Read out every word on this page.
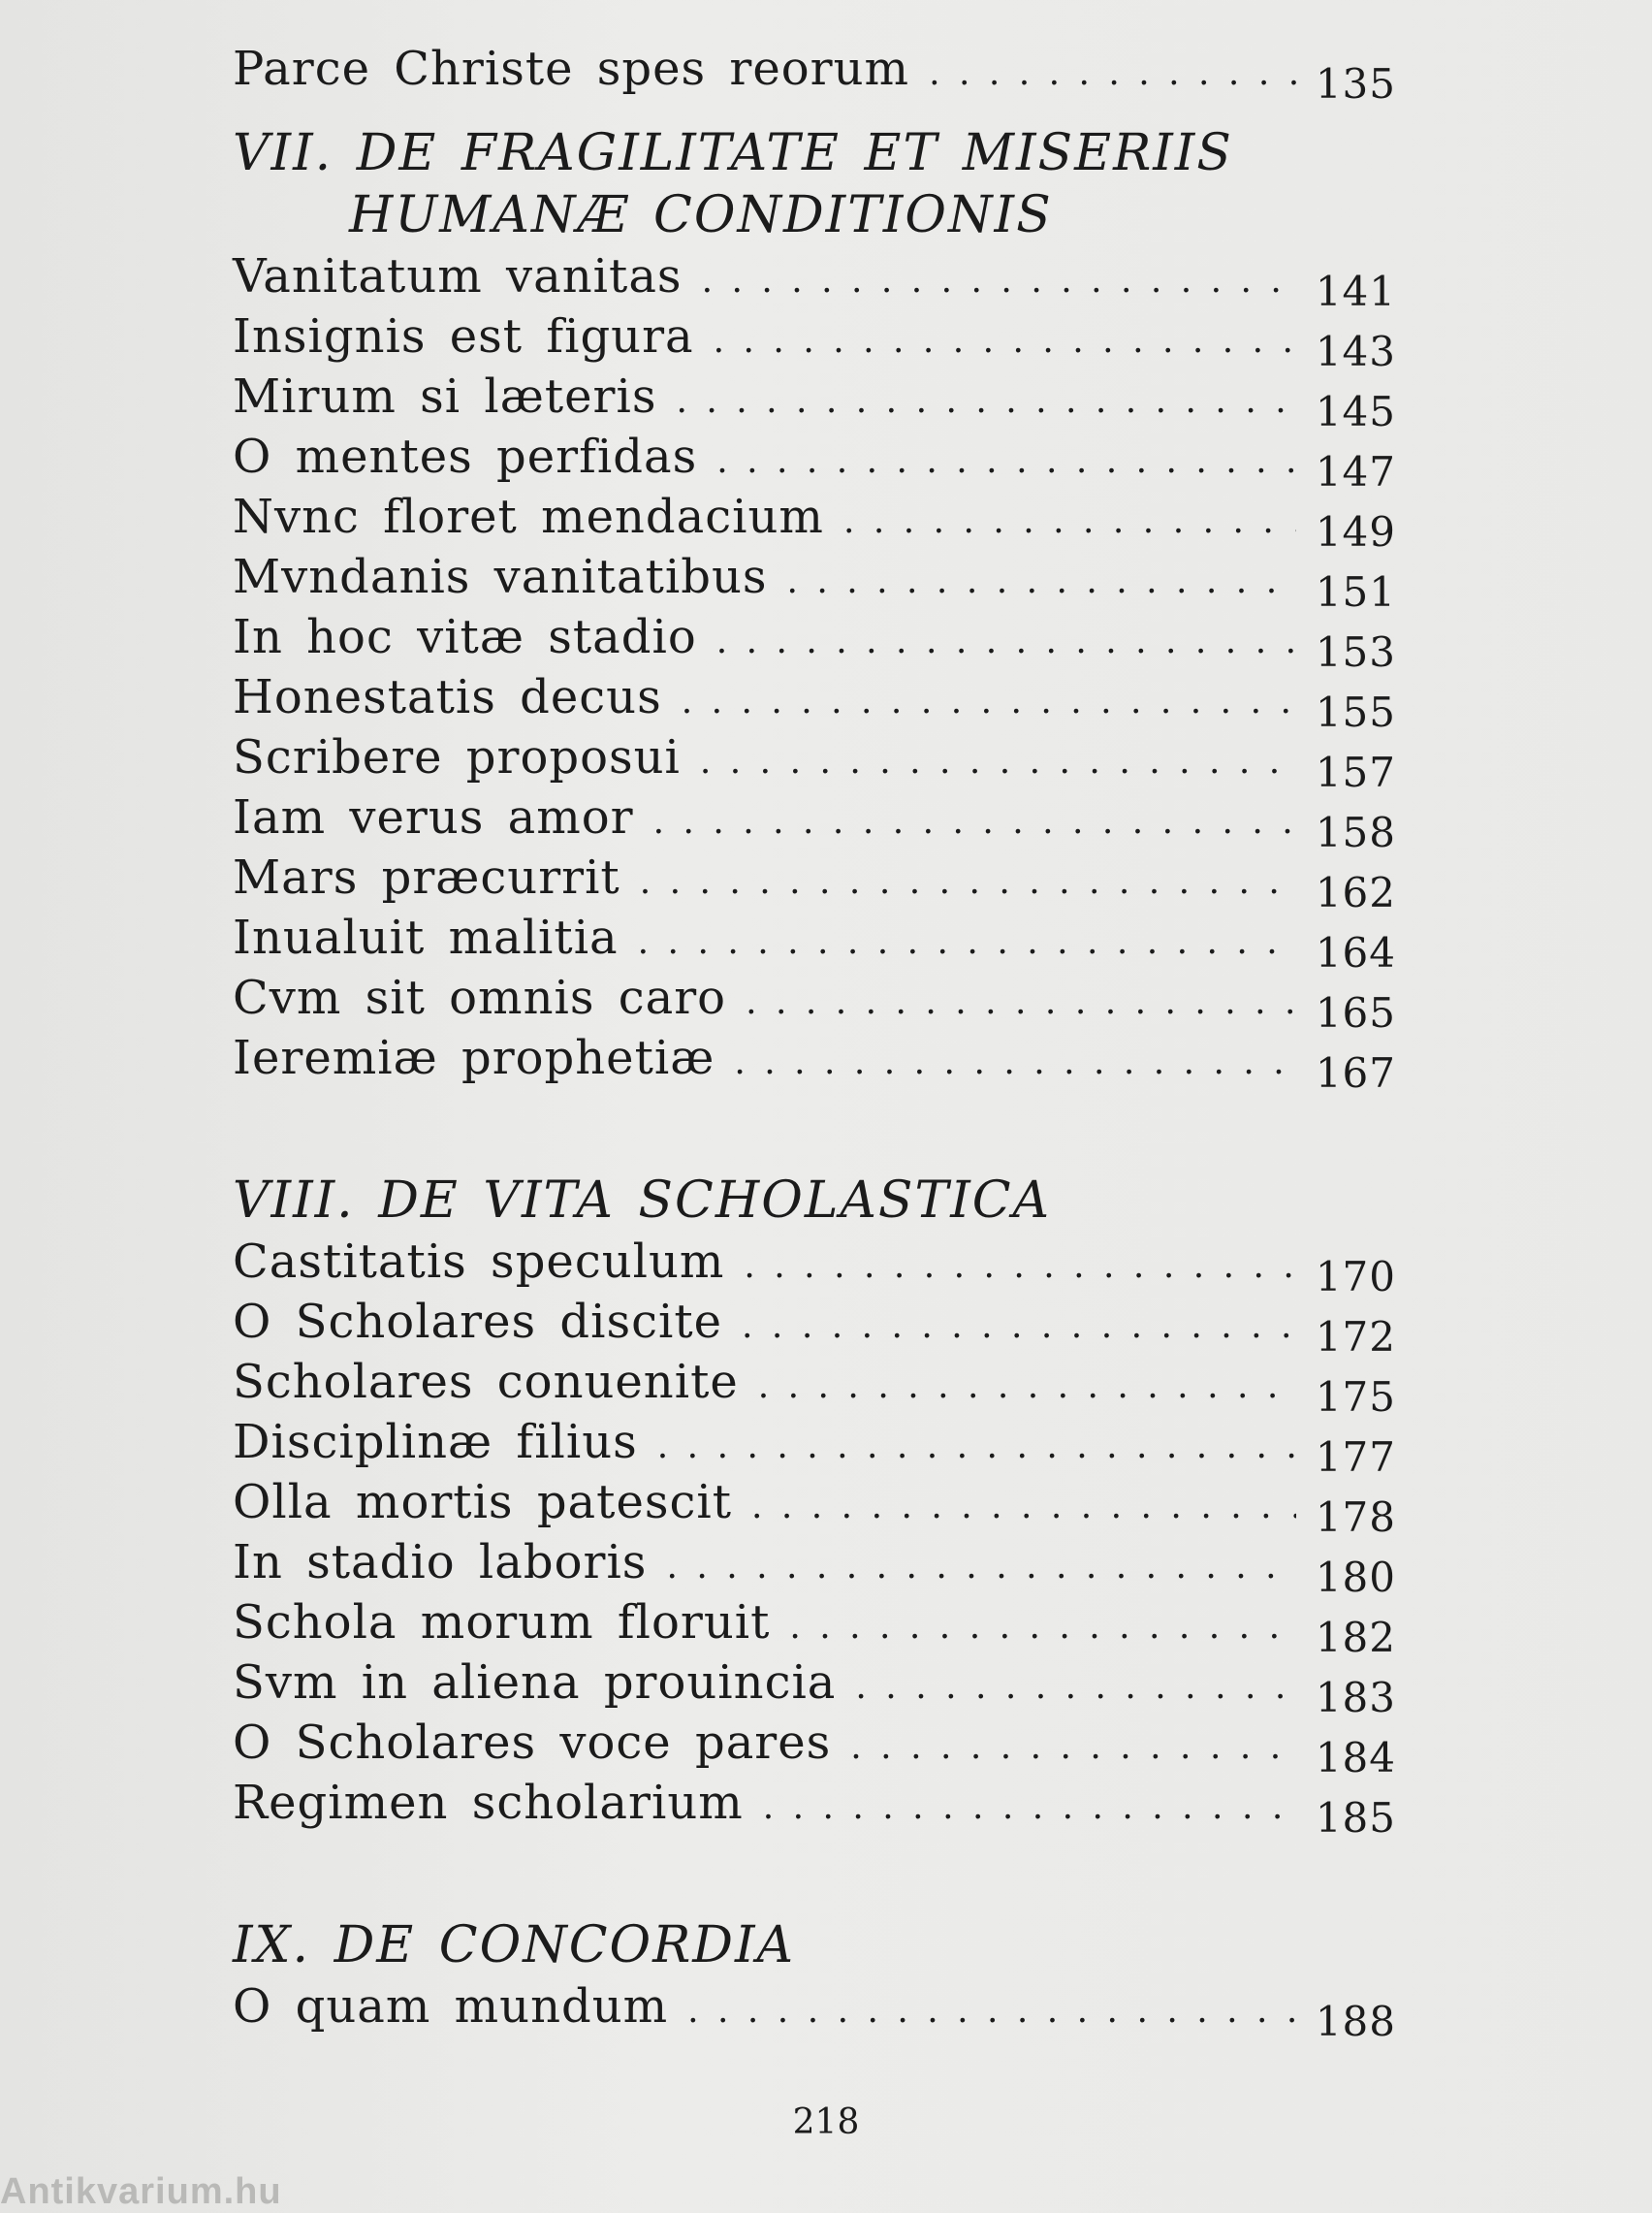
Parce Christe spes reorum . . .	135
VII. DE FRAGILITATE ET MISERIIS
HUMANÆ CONDITIONIS
Vanitatum vanitas . . .	141
Insignis est figura . . .	143
Mirum si læteris . . .	145
O mentes perfidas . . .	147
Nvnc floret mendacium . . .	149
Mvndanis vanitatibus . . .	151
In hoc vitæ stadio . . .	153
Honestatis decus . . .	155
Scribere proposui . . .	157
Iam verus amor . . .	158
Mars præcurrit . . .	162
Inualuit malitia . . .	164
Cvm sit omnis caro . . .	165
Ieremiæ prophetiæ . . .	167
VIII. DE VITA SCHOLASTICA
Castitatis speculum . . .	170
O Scholares discite . . .	172
Scholares conuenite . . .	175
Disciplinæ filius . . .	177
Olla mortis patescit . . .	178
In stadio laboris . . .	180
Schola morum floruit . . .	182
Svm in aliena prouincia . . .	183
O Scholares voce pares . . .	184
Regimen scholarium . . .	185
IX. DE CONCORDIA
O quam mundum . . .	188
218
Antikvarium.hu
